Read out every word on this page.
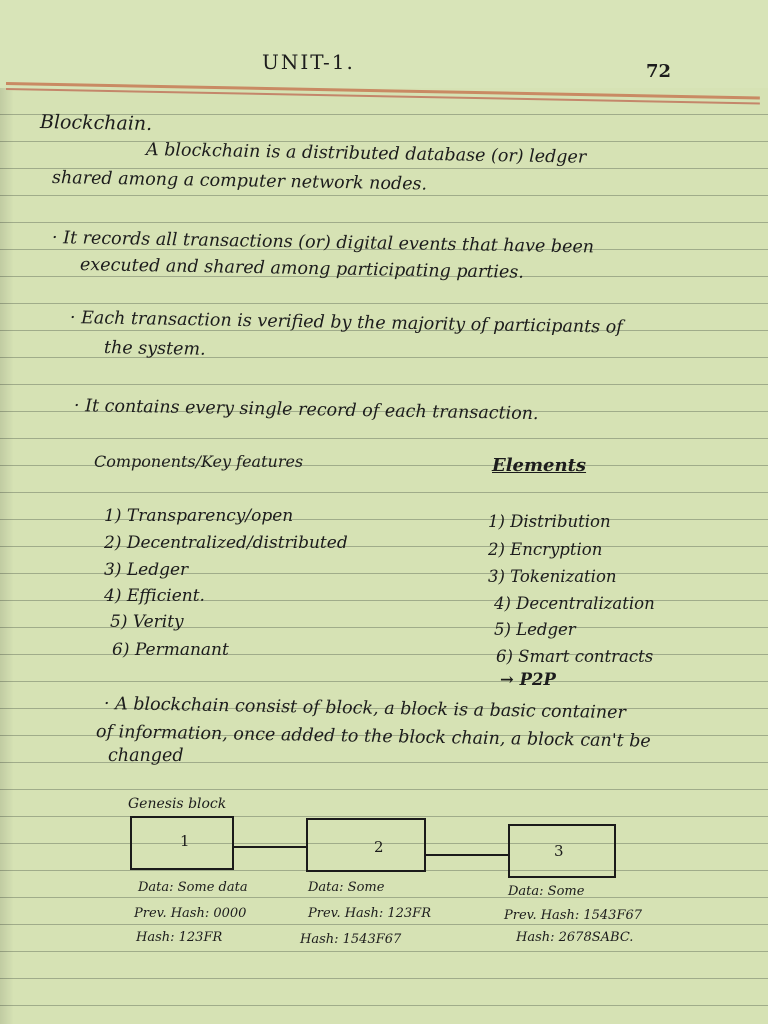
UNIT-1.	72
Blockchain.
A blockchain is a distributed database (or) ledger
shared among a computer network nodes.
· It records all transactions (or) digital events that have been
executed and shared among participating parties.
· Each transaction is verified by the majority of participants of
the system.
· It contains every single record of each transaction.
Components/Key features	Elements
1) Transparency/open
2) Decentralized/distributed
3) Ledger
4) Efficient.
5) Verity
6) Permanant
1) Distribution
2) Encryption
3) Tokenization
4) Decentralization
5) Ledger
6) Smart contracts
→ P2P
· A blockchain consist of block, a block is a basic container
of information, once added to the block chain, a block can't be
changed
Genesis block
1	2	3
Data: Some data
Prev. Hash: 0000
Hash: 123FR
Data: Some
Prev. Hash: 123FR
Hash: 1543F67
Data: Some
Prev. Hash: 1543F67
Hash: 2678SABC.
